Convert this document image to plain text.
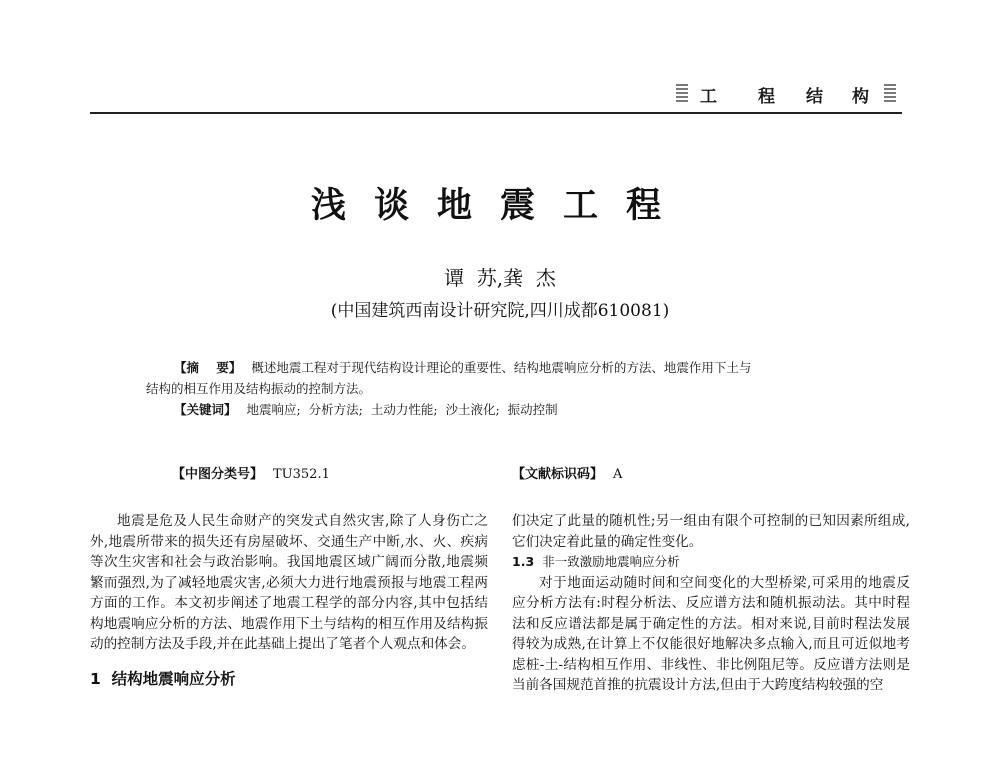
工 程 结 构
浅谈地震工程
谭  苏,龚  杰
(中国建筑西南设计研究院,四川成都610081)

【摘    要】 概述地震工程对于现代结构设计理论的重要性、结构地震响应分析的方法、地震作用下土与

结构的相互作用及结构振动的控制方法。

【关键词】 地震响应;  分析方法;  土动力性能;  沙土液化;  振动控制

【中图分类号】 TU352.1	【文献标识码】 A

地震是危及人民生命财产的突发式自然灾害,除了人身伤亡之外,地震所带来的损失还有房屋破坏、交通生产中断,水、火、疾病等次生灾害和社会与政治影响。我国地震区域广阔而分散,地震频繁而强烈,为了减轻地震灾害,必须大力进行地震预报与地震工程两方面的工作。本文初步阐述了地震工程学的部分内容,其中包括结构地震响应分析的方法、地震作用下土与结构的相互作用及结构振动的控制方法及手段,并在此基础上提出了笔者个人观点和体会。

1  结构地震响应分析

们决定了此量的随机性;另一组由有限个可控制的已知因素所组成,它们决定着此量的确定性变化。

1.3 非一致激励地震响应分析

对于地面运动随时间和空间变化的大型桥梁,可采用的地震反应分析方法有:时程分析法、反应谱方法和随机振动法。其中时程法和反应谱法都是属于确定性的方法。相对来说,目前时程法发展得较为成熟,在计算上不仅能很好地解决多点输入,而且可近似地考虑桩-土-结构相互作用、非线性、非比例阻尼等。反应谱方法则是当前各国规范首推的抗震设计方法,但由于大跨度结构较强的空
